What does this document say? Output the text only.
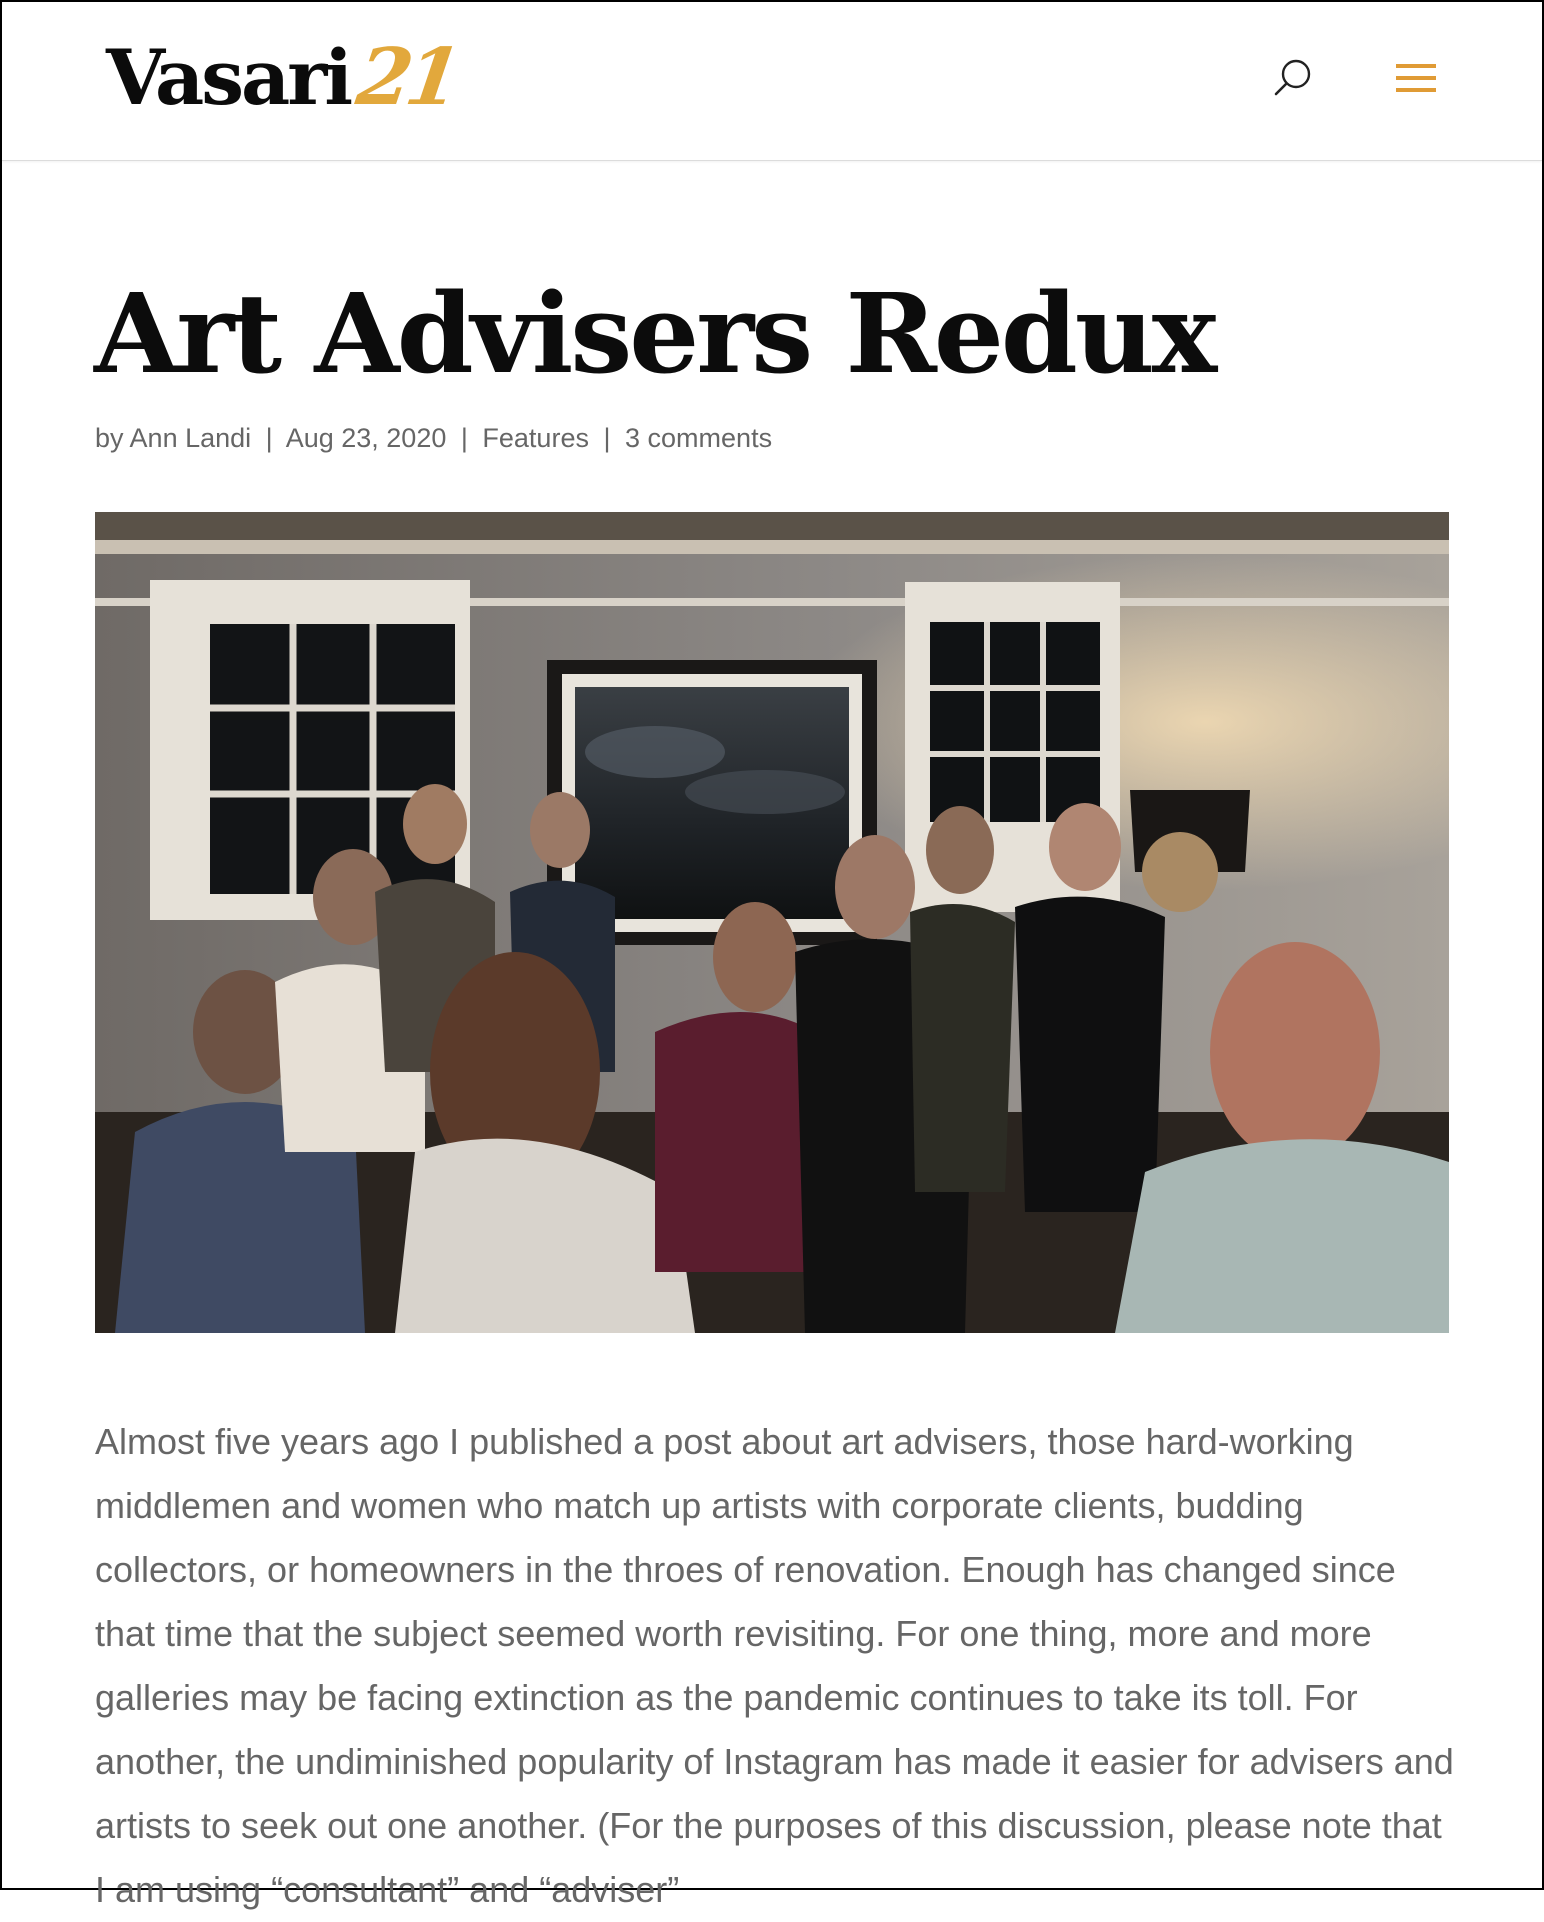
Vasari 21
Art Advisers Redux
by Ann Landi | Aug 23, 2020 | Features | 3 comments

Almost five years ago I published a post about art advisers, those hard-working middlemen and women who match up artists with corporate clients, budding collectors, or homeowners in the throes of renovation. Enough has changed since that time that the subject seemed worth revisiting. For one thing, more and more galleries may be facing extinction as the pandemic continues to take its toll. For another, the undiminished popularity of Instagram has made it easier for advisers and artists to seek out one another. (For the purposes of this discussion, please note that I am using “consultant” and “adviser”
